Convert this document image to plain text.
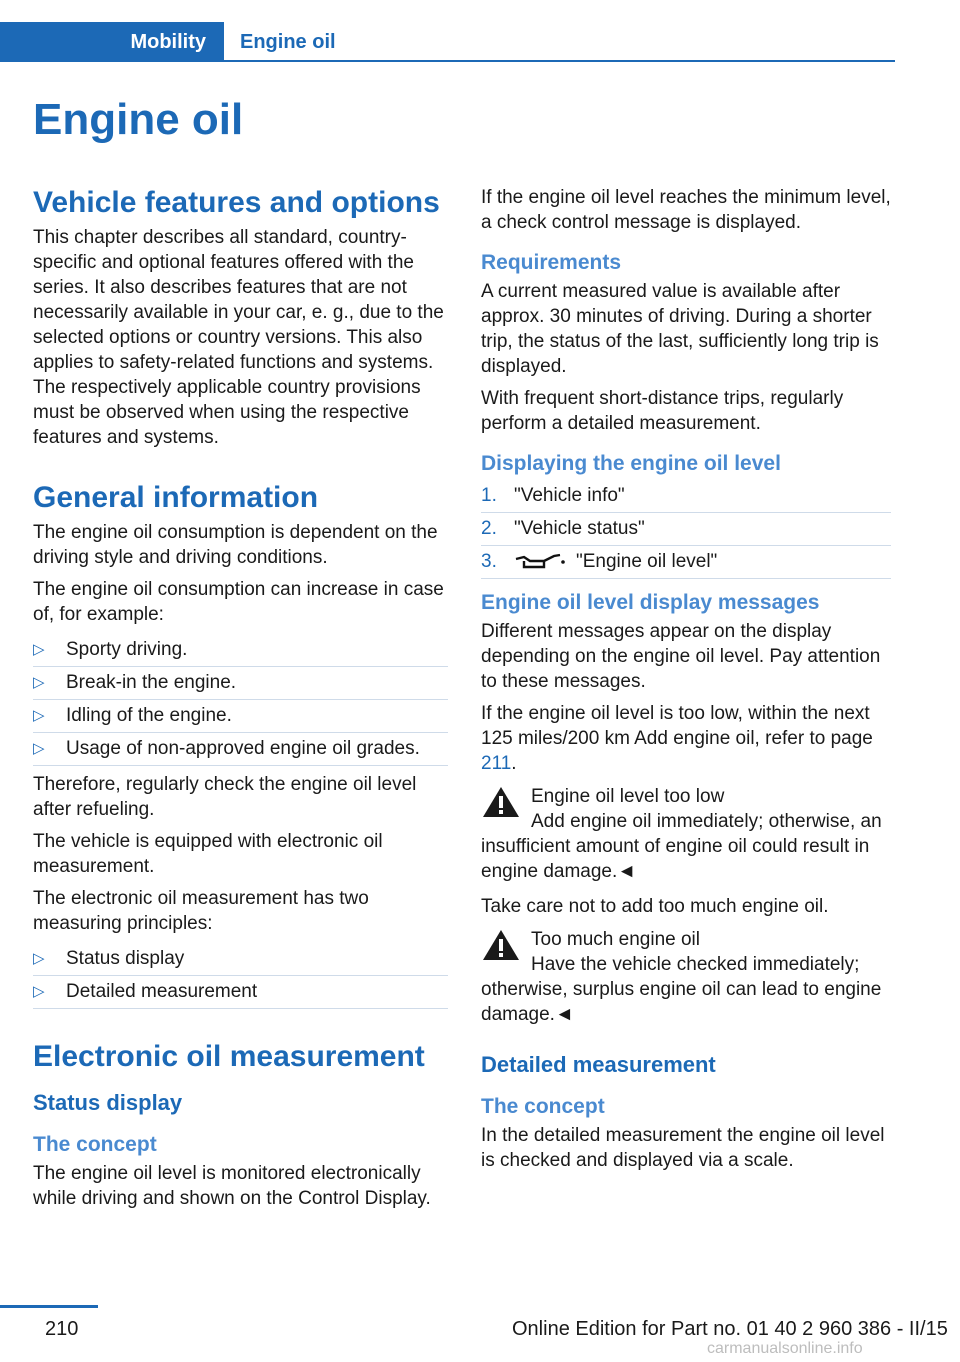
Mobility	Engine oil
Engine oil
Vehicle features and options

This chapter describes all standard, country-specific and optional features offered with the series. It also describes features that are not necessarily available in your car, e. g., due to the selected options or country versions. This also applies to safety-related functions and systems. The respectively applicable country provisions must be observed when using the respective features and systems.

General information

The engine oil consumption is dependent on the driving style and driving conditions.

The engine oil consumption can increase in case of, for example:

▷	Sporty driving.
▷	Break-in the engine.
▷	Idling of the engine.
▷	Usage of non-approved engine oil grades.

Therefore, regularly check the engine oil level after refueling.

The vehicle is equipped with electronic oil measurement.

The electronic oil measurement has two measuring principles:

▷	Status display
▷	Detailed measurement
Electronic oil measurement
Status display
The concept

The engine oil level is monitored electronically while driving and shown on the Control Display.

If the engine oil level reaches the minimum level, a check control message is displayed.

Requirements

A current measured value is available after approx. 30 minutes of driving. During a shorter trip, the status of the last, sufficiently long trip is displayed.

With frequent short-distance trips, regularly perform a detailed measurement.

Displaying the engine oil level
1. "Vehicle info"
2. "Vehicle status"
3.	"Engine oil level"
Engine oil level display messages

Different messages appear on the display depending on the engine oil level. Pay attention to these messages.

If the engine oil level is too low, within the next 125 miles/200 km Add engine oil, refer to page 211.

Engine oil level too low
Add engine oil immediately; otherwise, an insufficient amount of engine oil could result in engine damage.◄

Take care not to add too much engine oil.

Too much engine oil
Have the vehicle checked immediately; otherwise, surplus engine oil can lead to engine damage.◄
Detailed measurement
The concept

In the detailed measurement the engine oil level is checked and displayed via a scale.

210	Online Edition for Part no. 01 40 2 960 386 - II/15
carmanualsonline.info
